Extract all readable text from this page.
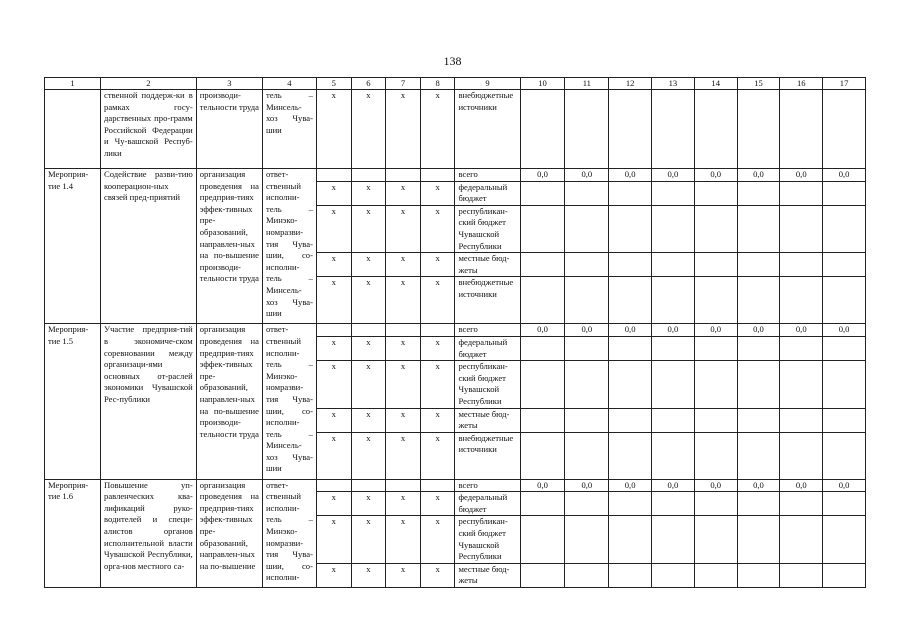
138
1	2	3	4	5	6	7	8	9	10	11	12	13	14	15	16	17
	ственной поддерж-ки в рамках госу-дарственных про-грамм Российской Федерации и Чу-вашской Респуб-лики	производи-тельности труда	тель – Минсель-хоз Чува-шии	x	x	x	x	внебюджетные источники								
Мероприя-тие 1.4	Содействие разви-тию кооперацион-ных связей пред-приятий	организация проведения на предприя-тиях эффек-тивных пре-образований, направлен-ных на по-вышение производи-тельности труда	ответ-ственный исполни-тель – Минэко-номразви-тия Чува-шии, со-исполни-тель – Минсель-хоз Чува-шии					всего	0,0	0,0	0,0	0,0	0,0	0,0	0,0	0,0
				x	x	x	x	федеральный бюджет								
				x	x	x	x	республикан-ский бюджет Чувашской Республики								
				x	x	x	x	местные бюд-жеты								
				x	x	x	x	внебюджетные источники								
Мероприя-тие 1.5	Участие предприя-тий в экономиче-ском соревновании между организаци-ями основных от-раслей экономики Чувашской Рес-публики	организация проведения на предприя-тиях эффек-тивных пре-образований, направлен-ных на по-вышение производи-тельности труда	ответ-ственный исполни-тель – Минэко-номразви-тия Чува-шии, со-исполни-тель – Минсель-хоз Чува-шии					всего	0,0	0,0	0,0	0,0	0,0	0,0	0,0	0,0
				x	x	x	x	федеральный бюджет								
				x	x	x	x	республикан-ский бюджет Чувашской Республики								
				x	x	x	x	местные бюд-жеты								
				x	x	x	x	внебюджетные источники								
Мероприя-тие 1.6	Повышение уп-равленческих ква-лификаций руко-водителей и специ-алистов органов исполнительной власти Чувашской Республики, орга-нов местного са-	организация проведения на предприя-тиях эффек-тивных пре-образований, направлен-ных на по-вышение	ответ-ственный исполни-тель – Минэко-номразви-тия Чува-шии, со-исполни-					всего	0,0	0,0	0,0	0,0	0,0	0,0	0,0	0,0
				x	x	x	x	федеральный бюджет								
				x	x	x	x	республикан-ский бюджет Чувашской Республики								
				x	x	x	x	местные бюд-жеты								
